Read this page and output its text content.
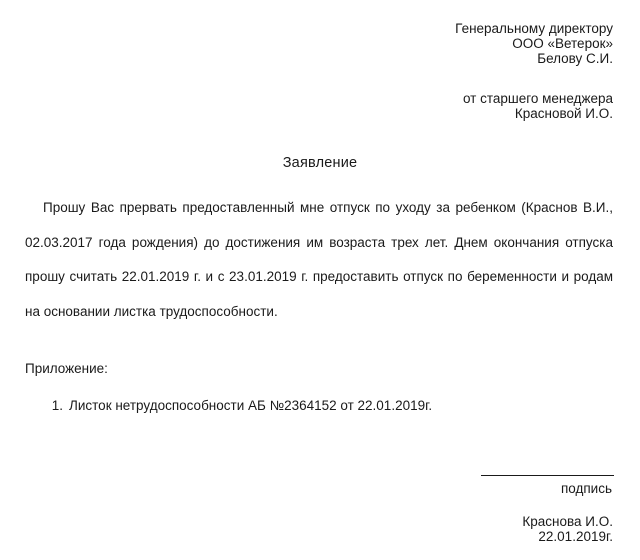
Генеральному директору
ООО «Ветерок»
Белову С.И.
от старшего менеджера
Красновой И.О.
Заявление

Прошу Вас прервать предоставленный мне отпуск по уходу за ребенком (Краснов В.И., 02.03.2017 года рождения) до достижения им возраста трех лет. Днем окончания отпуска прошу считать 22.01.2019 г. и с 23.01.2019 г. предоставить отпуск по беременности и родам на основании листка трудоспособности.

Приложение:
1. Листок нетрудоспособности АБ №2364152 от 22.01.2019г.
подпись
Краснова И.О.
22.01.2019г.
